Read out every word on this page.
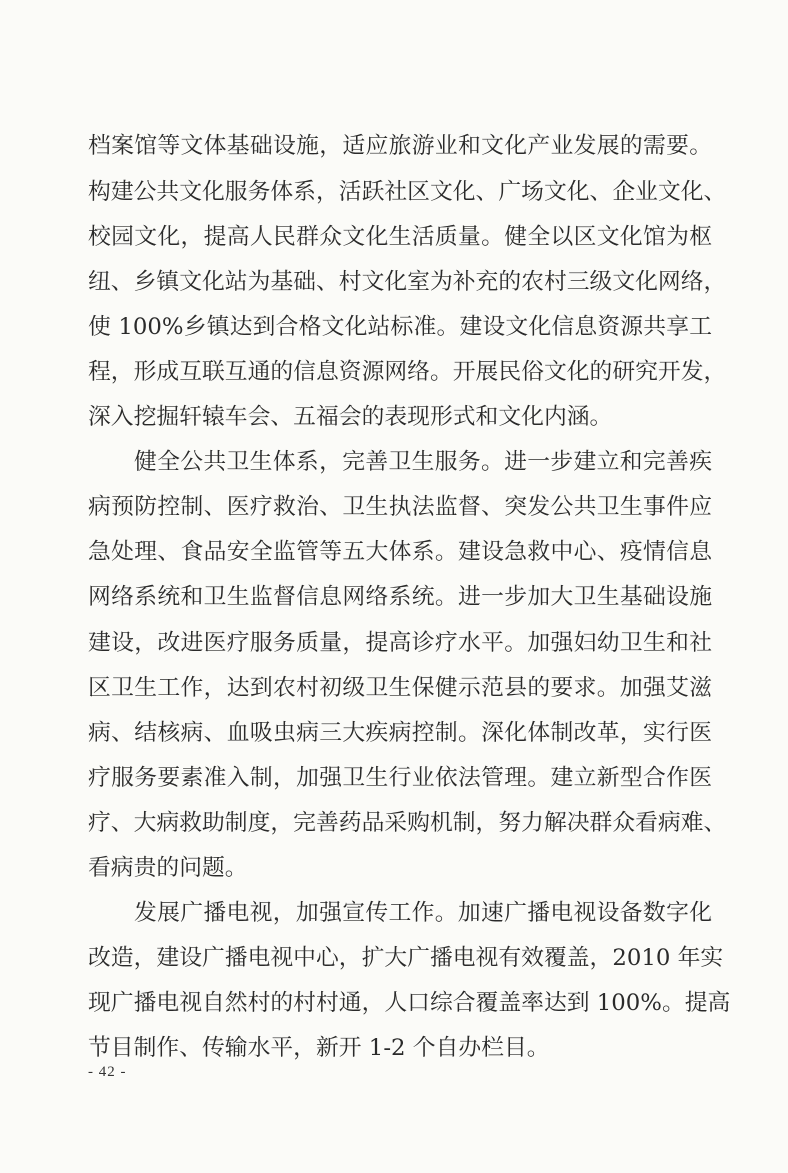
档案馆等文体基础设施，适应旅游业和文化产业发展的需要。
构建公共文化服务体系，活跃社区文化、广场文化、企业文化、
校园文化，提高人民群众文化生活质量。健全以区文化馆为枢
纽、乡镇文化站为基础、村文化室为补充的农村三级文化网络，
使 100%乡镇达到合格文化站标准。建设文化信息资源共享工
程，形成互联互通的信息资源网络。开展民俗文化的研究开发，
深入挖掘轩辕车会、五福会的表现形式和文化内涵。
健全公共卫生体系，完善卫生服务。进一步建立和完善疾
病预防控制、医疗救治、卫生执法监督、突发公共卫生事件应
急处理、食品安全监管等五大体系。建设急救中心、疫情信息
网络系统和卫生监督信息网络系统。进一步加大卫生基础设施
建设，改进医疗服务质量，提高诊疗水平。加强妇幼卫生和社
区卫生工作，达到农村初级卫生保健示范县的要求。加强艾滋
病、结核病、血吸虫病三大疾病控制。深化体制改革，实行医
疗服务要素准入制，加强卫生行业依法管理。建立新型合作医
疗、大病救助制度，完善药品采购机制，努力解决群众看病难、
看病贵的问题。
发展广播电视，加强宣传工作。加速广播电视设备数字化
改造，建设广播电视中心，扩大广播电视有效覆盖，2010 年实
现广播电视自然村的村村通，人口综合覆盖率达到 100%。提高
节目制作、传输水平，新开 1-2 个自办栏目。
- 42 -
